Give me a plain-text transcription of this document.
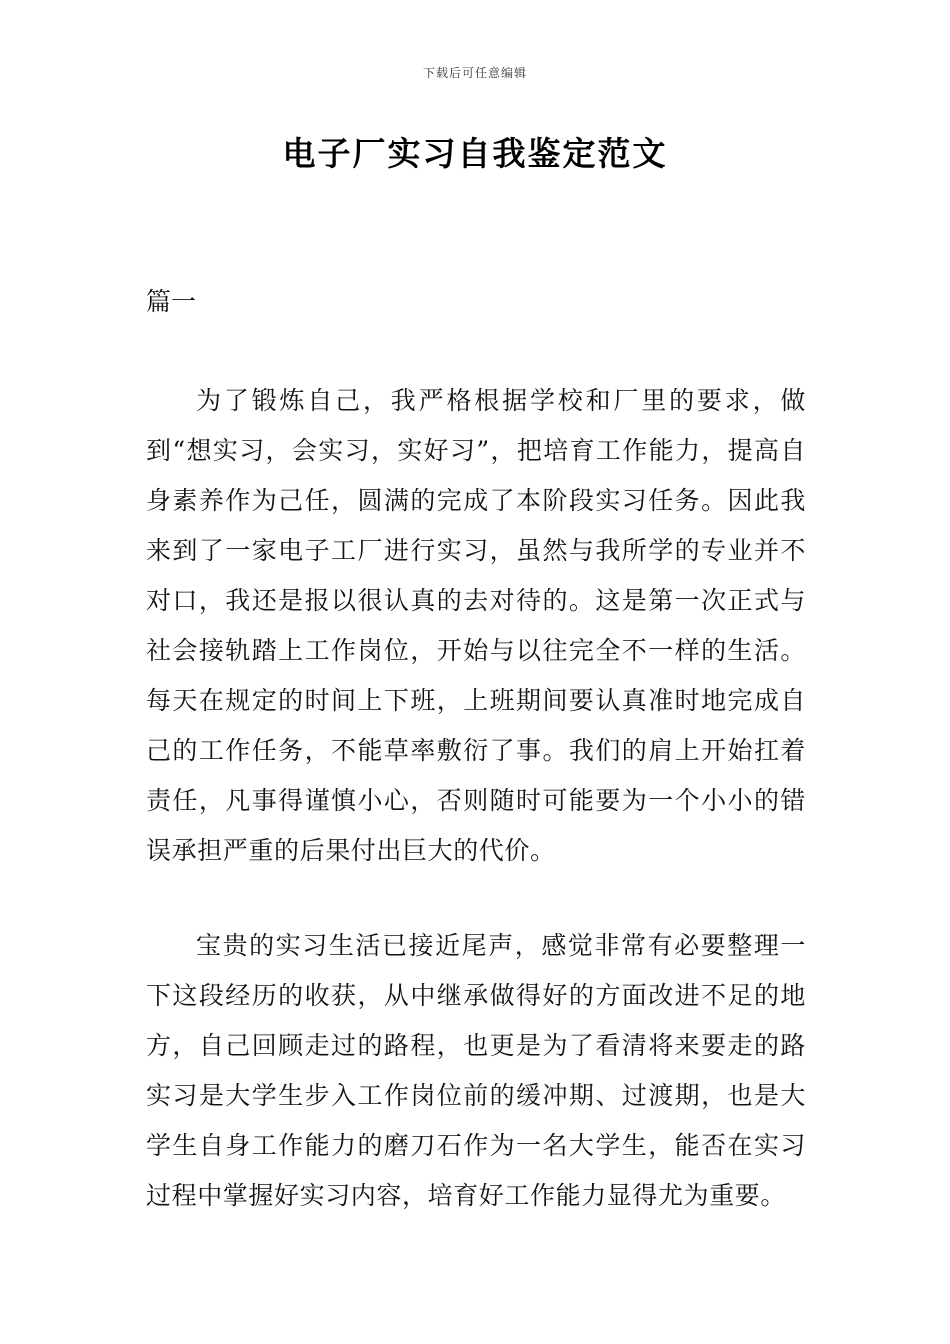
下载后可任意编辑
电子厂实习自我鉴定范文
篇一

为了锻炼自己，我严格根据学校和厂里的要求，做到“想实习，会实习，实好习”，把培育工作能力，提高自身素养作为己任，圆满的完成了本阶段实习任务。因此我来到了一家电子工厂进行实习，虽然与我所学的专业并不对口，我还是报以很认真的去对待的。这是第一次正式与社会接轨踏上工作岗位，开始与以往完全不一样的生活。每天在规定的时间上下班，上班期间要认真准时地完成自己的工作任务，不能草率敷衍了事。我们的肩上开始扛着责任，凡事得谨慎小心，否则随时可能要为一个小小的错误承担严重的后果付出巨大的代价。

宝贵的实习生活已接近尾声，感觉非常有必要整理一下这段经历的收获，从中继承做得好的方面改进不足的地方，自己回顾走过的路程，也更是为了看清将来要走的路实习是大学生步入工作岗位前的缓冲期、过渡期，也是大学生自身工作能力的磨刀石作为一名大学生，能否在实习过程中掌握好实习内容，培育好工作能力显得尤为重要。
